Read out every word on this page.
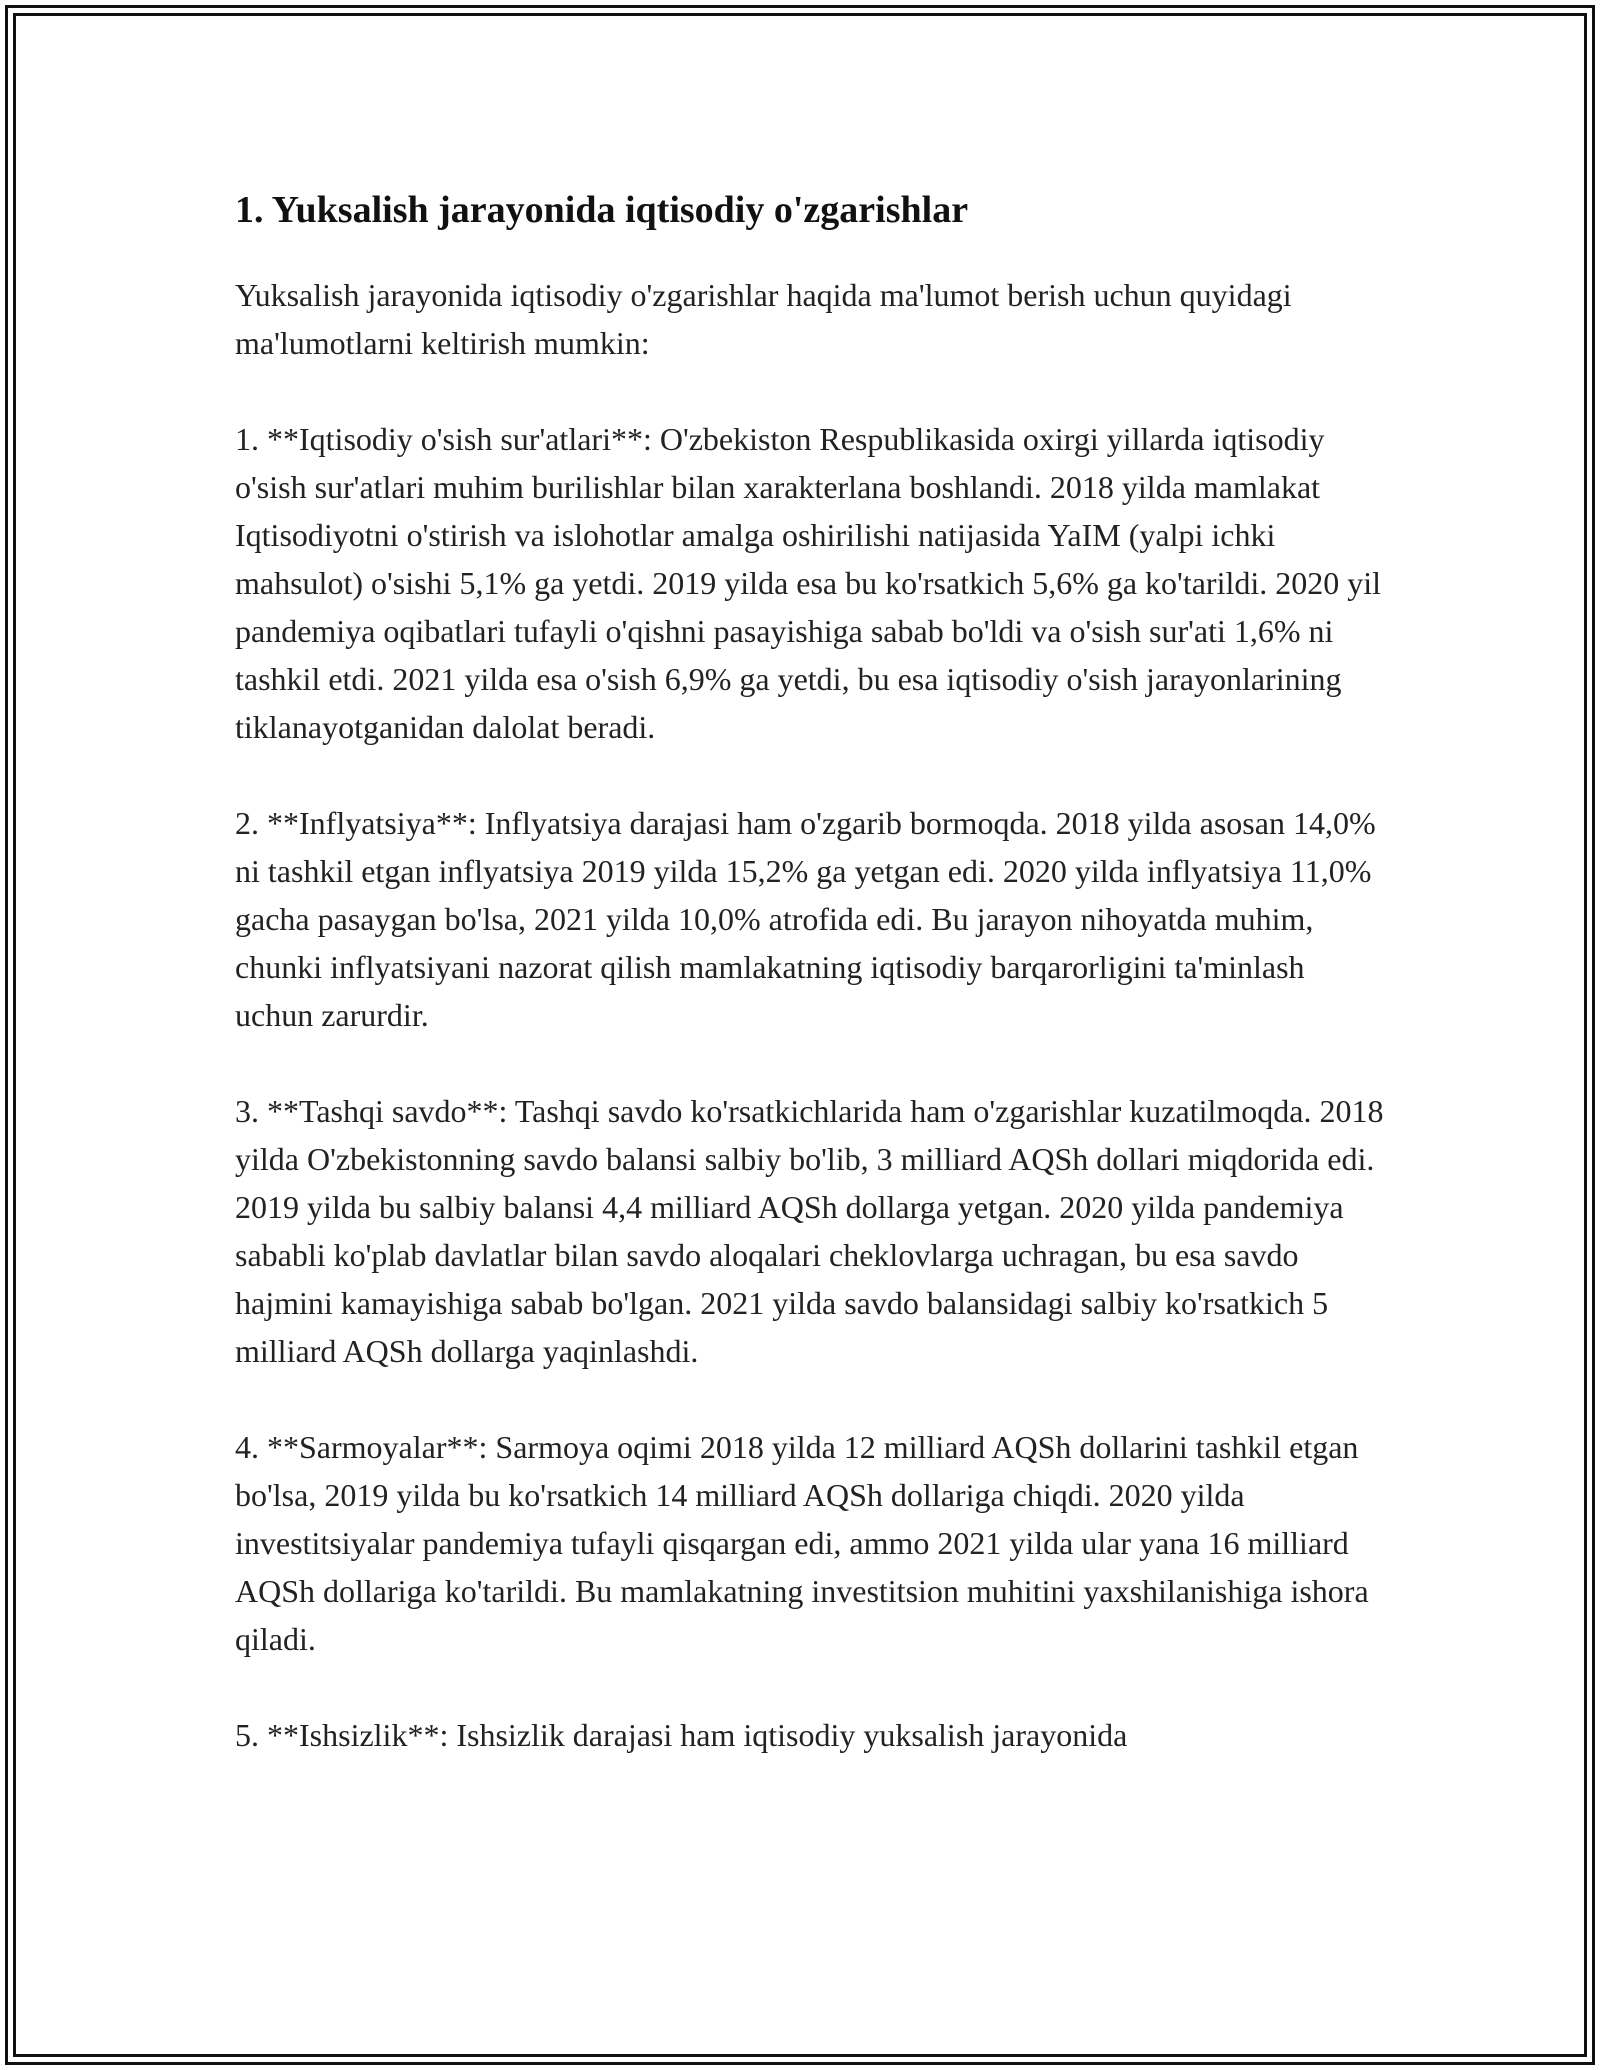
1. Yuksalish jarayonida iqtisodiy o'zgarishlar

Yuksalish jarayonida iqtisodiy o'zgarishlar haqida ma'lumot berish uchun quyidagi ma'lumotlarni keltirish mumkin:

1. **Iqtisodiy o'sish sur'atlari**: O'zbekiston Respublikasida oxirgi yillarda iqtisodiy o'sish sur'atlari muhim burilishlar bilan xarakterlana boshlandi. 2018 yilda mamlakat Iqtisodiyotni o'stirish va islohotlar amalga oshirilishi natijasida YaIM (yalpi ichki mahsulot) o'sishi 5,1% ga yetdi. 2019 yilda esa bu ko'rsatkich 5,6% ga ko'tarildi. 2020 yil pandemiya oqibatlari tufayli o'qishni pasayishiga sabab bo'ldi va o'sish sur'ati 1,6% ni tashkil etdi. 2021 yilda esa o'sish 6,9% ga yetdi, bu esa iqtisodiy o'sish jarayonlarining tiklanayotganidan dalolat beradi.

2. **Inflyatsiya**: Inflyatsiya darajasi ham o'zgarib bormoqda. 2018 yilda asosan 14,0% ni tashkil etgan inflyatsiya 2019 yilda 15,2% ga yetgan edi. 2020 yilda inflyatsiya 11,0% gacha pasaygan bo'lsa, 2021 yilda 10,0% atrofida edi. Bu jarayon nihoyatda muhim, chunki inflyatsiyani nazorat qilish mamlakatning iqtisodiy barqarorligini ta'minlash uchun zarurdir.

3. **Tashqi savdo**: Tashqi savdo ko'rsatkichlarida ham o'zgarishlar kuzatilmoqda. 2018 yilda O'zbekistonning savdo balansi salbiy bo'lib, 3 milliard AQSh dollari miqdorida edi. 2019 yilda bu salbiy balansi 4,4 milliard AQSh dollarga yetgan. 2020 yilda pandemiya sababli ko'plab davlatlar bilan savdo aloqalari cheklovlarga uchragan, bu esa savdo hajmini kamayishiga sabab bo'lgan. 2021 yilda savdo balansidagi salbiy ko'rsatkich 5 milliard AQSh dollarga yaqinlashdi.

4. **Sarmoyalar**: Sarmoya oqimi 2018 yilda 12 milliard AQSh dollarini tashkil etgan bo'lsa, 2019 yilda bu ko'rsatkich 14 milliard AQSh dollariga chiqdi. 2020 yilda investitsiyalar pandemiya tufayli qisqargan edi, ammo 2021 yilda ular yana 16 milliard AQSh dollariga ko'tarildi. Bu mamlakatning investitsion muhitini yaxshilanishiga ishora qiladi.

5. **Ishsizlik**: Ishsizlik darajasi ham iqtisodiy yuksalish jarayonida
